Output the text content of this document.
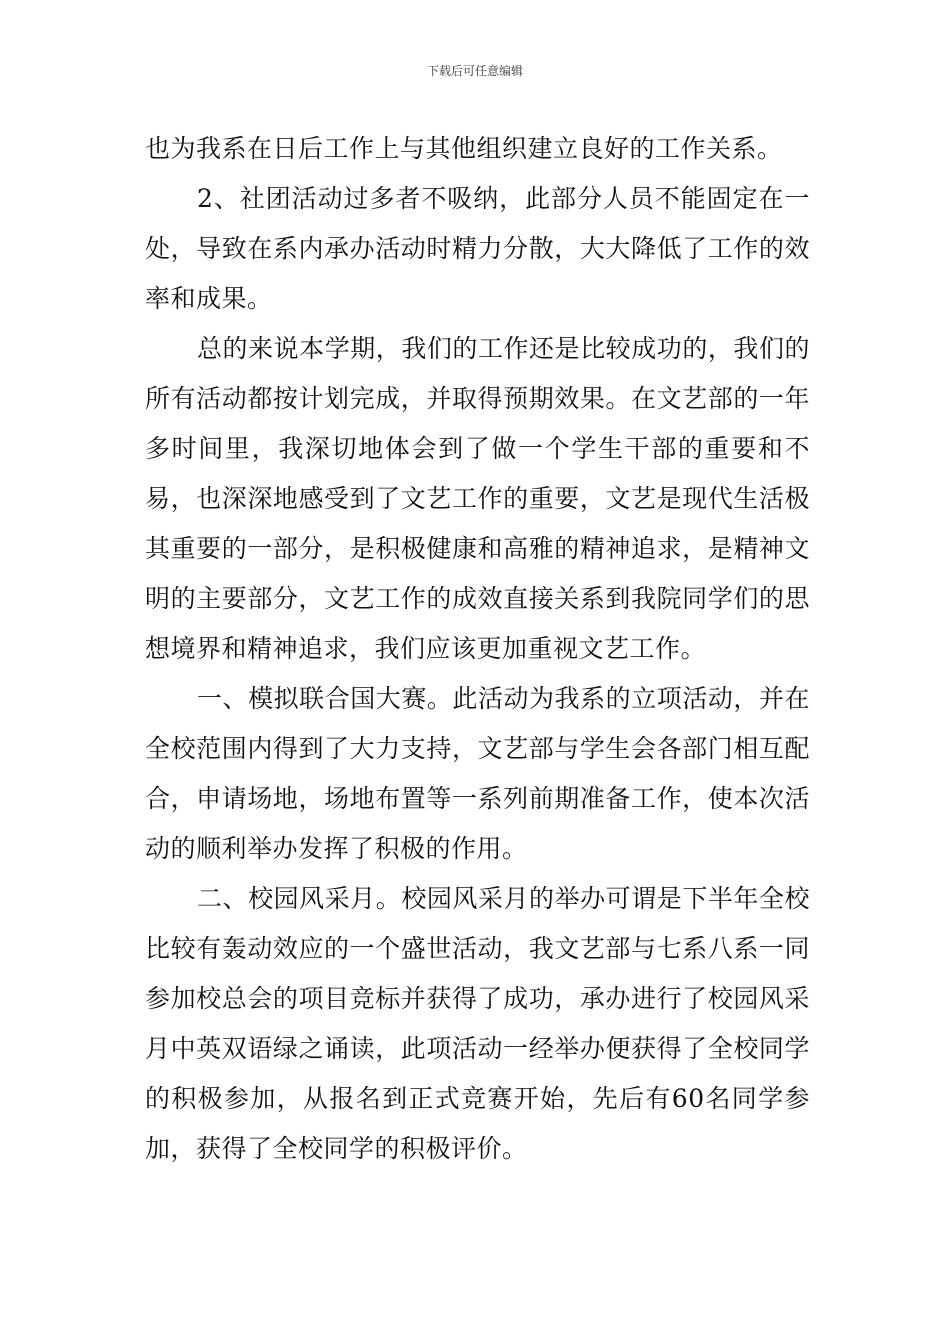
下载后可任意编辑

也为我系在日后工作上与其他组织建立良好的工作关系。

2、社团活动过多者不吸纳，此部分人员不能固定在一处，导致在系内承办活动时精力分散，大大降低了工作的效率和成果。

总的来说本学期，我们的工作还是比较成功的，我们的所有活动都按计划完成，并取得预期效果。在文艺部的一年多时间里，我深切地体会到了做一个学生干部的重要和不易，也深深地感受到了文艺工作的重要，文艺是现代生活极其重要的一部分，是积极健康和高雅的精神追求，是精神文明的主要部分，文艺工作的成效直接关系到我院同学们的思想境界和精神追求，我们应该更加重视文艺工作。

一、模拟联合国大赛。此活动为我系的立项活动，并在全校范围内得到了大力支持，文艺部与学生会各部门相互配合，申请场地，场地布置等一系列前期准备工作，使本次活动的顺利举办发挥了积极的作用。

二、校园风采月。校园风采月的举办可谓是下半年全校比较有轰动效应的一个盛世活动，我文艺部与七系八系一同参加校总会的项目竞标并获得了成功，承办进行了校园风采月中英双语绿之诵读，此项活动一经举办便获得了全校同学的积极参加，从报名到正式竞赛开始，先后有60名同学参加，获得了全校同学的积极评价。
